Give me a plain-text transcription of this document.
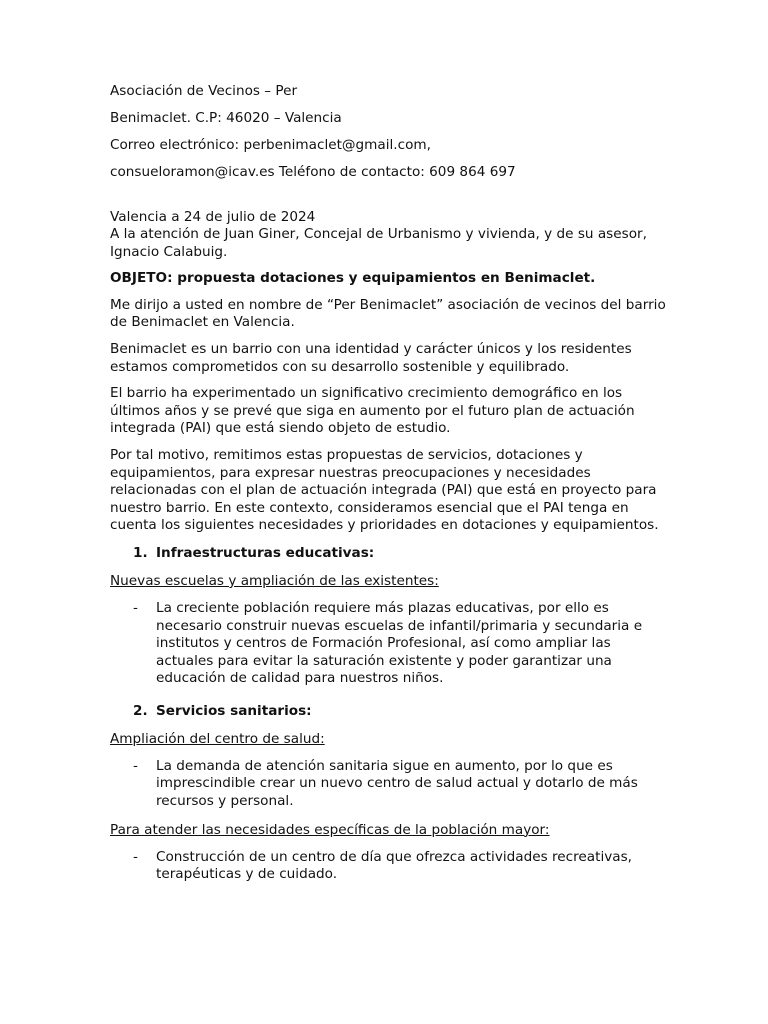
Asociación de Vecinos – Per

Benimaclet. C.P: 46020 – Valencia

Correo electrónico: perbenimaclet@gmail.com,

consueloramon@icav.es Teléfono de contacto: 609 864 697

Valencia a 24 de julio de 2024

A la atención de Juan Giner, Concejal de Urbanismo y vivienda, y de su asesor, Ignacio Calabuig.

OBJETO: propuesta dotaciones y equipamientos en Benimaclet.

Me dirijo a usted en nombre de “Per Benimaclet” asociación de vecinos del barrio de Benimaclet en Valencia.

Benimaclet es un barrio con una identidad y carácter únicos y los residentes estamos comprometidos con su desarrollo sostenible y equilibrado.

El barrio ha experimentado un significativo crecimiento demográfico en los últimos años y se prevé que siga en aumento por el futuro plan de actuación integrada (PAI) que está siendo objeto de estudio.

Por tal motivo, remitimos estas propuestas de servicios, dotaciones y equipamientos, para expresar nuestras preocupaciones y necesidades relacionadas con el plan de actuación integrada (PAI) que está en proyecto para nuestro barrio. En este contexto, consideramos esencial que el PAI tenga en cuenta los siguientes necesidades y prioridades en dotaciones y equipamientos.

1. Infraestructuras educativas:
Nuevas escuelas y ampliación de las existentes:
-	La creciente población requiere más plazas educativas, por ello es necesario construir nuevas escuelas de infantil/primaria y secundaria e institutos y centros de Formación Profesional, así como ampliar las actuales para evitar la saturación existente y poder garantizar una educación de calidad para nuestros niños.
2. Servicios sanitarios:
Ampliación del centro de salud:
-	La demanda de atención sanitaria sigue en aumento, por lo que es imprescindible crear un nuevo centro de salud actual y dotarlo de más recursos y personal.
Para atender las necesidades específicas de la población mayor:
-	Construcción de un centro de día que ofrezca actividades recreativas, terapéuticas y de cuidado.
